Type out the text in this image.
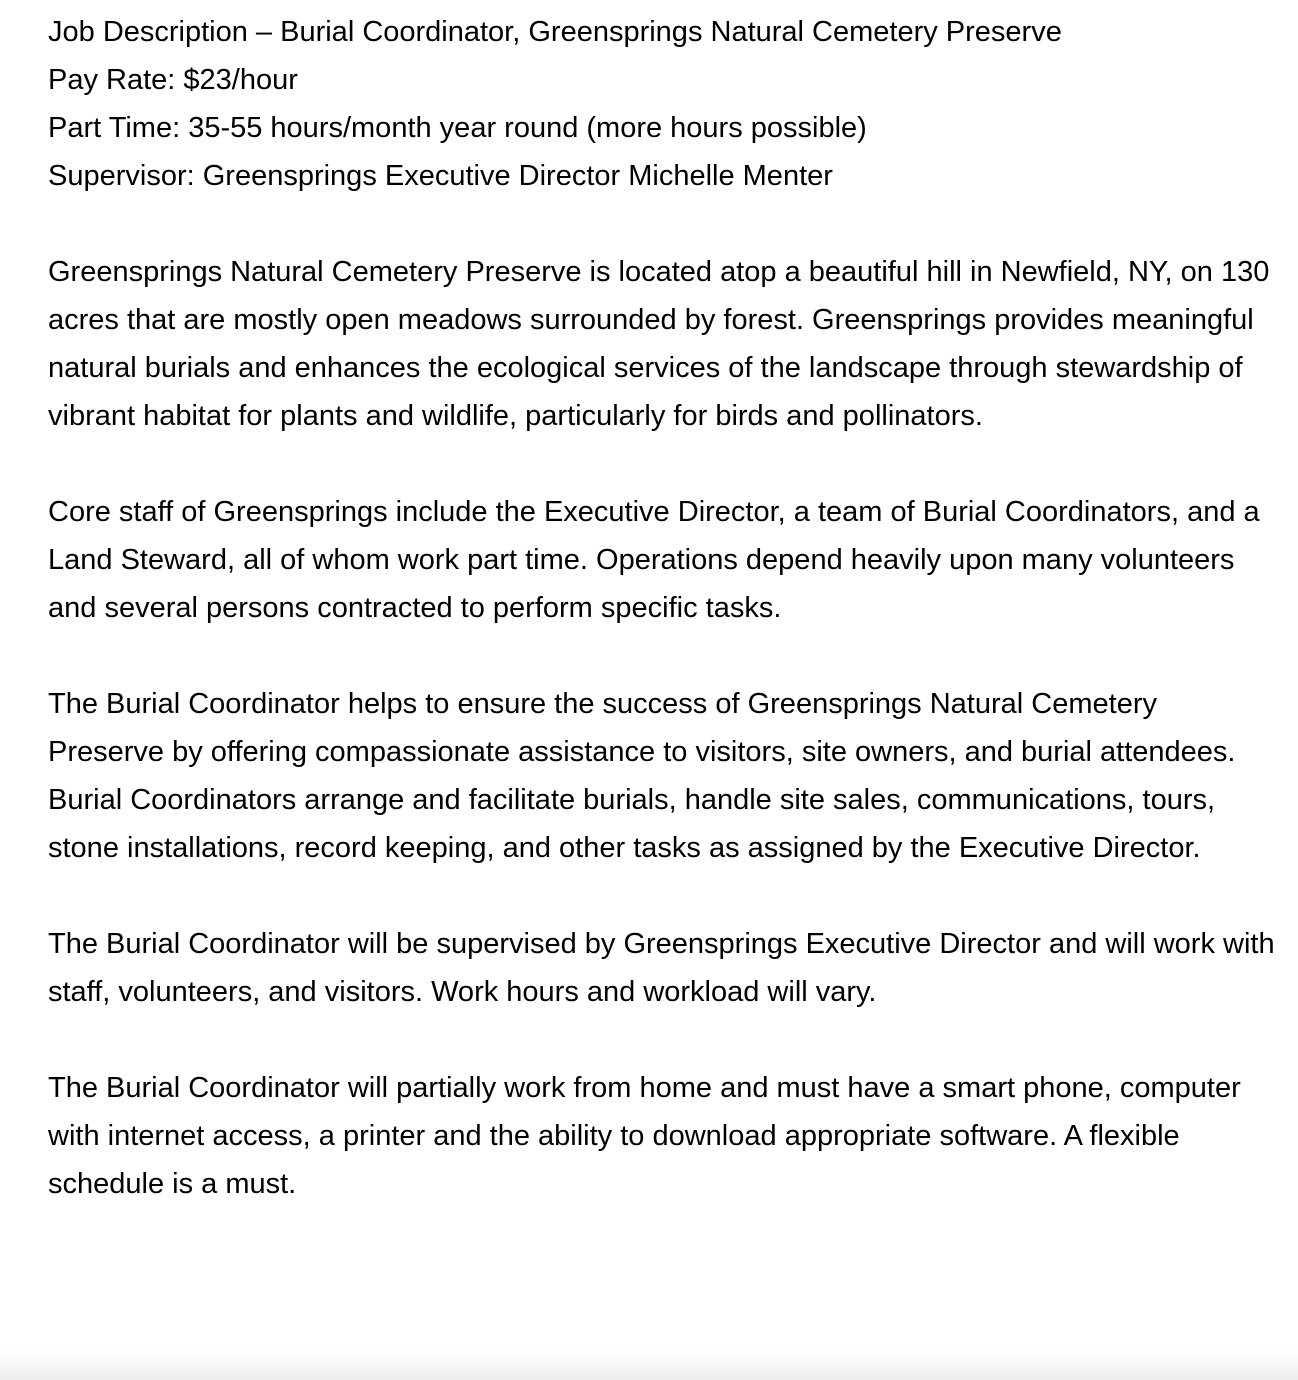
Job Description – Burial Coordinator, Greensprings Natural Cemetery Preserve
Pay Rate: $23/hour
Part Time: 35-55 hours/month year round (more hours possible)
Supervisor: Greensprings Executive Director Michelle Menter

Greensprings Natural Cemetery Preserve is located atop a beautiful hill in Newfield, NY, on 130 acres that are mostly open meadows surrounded by forest. Greensprings provides meaningful natural burials and enhances the ecological services of the landscape through stewardship of vibrant habitat for plants and wildlife, particularly for birds and pollinators.

Core staff of Greensprings include the Executive Director, a team of Burial Coordinators, and a Land Steward, all of whom work part time. Operations depend heavily upon many volunteers and several persons contracted to perform specific tasks.

The Burial Coordinator helps to ensure the success of Greensprings Natural Cemetery Preserve by offering compassionate assistance to visitors, site owners, and burial attendees. Burial Coordinators arrange and facilitate burials, handle site sales, communications, tours, stone installations, record keeping, and other tasks as assigned by the Executive Director.

The Burial Coordinator will be supervised by Greensprings Executive Director and will work with staff, volunteers, and visitors. Work hours and workload will vary.

The Burial Coordinator will partially work from home and must have a smart phone, computer with internet access, a printer and the ability to download appropriate software. A flexible schedule is a must.
